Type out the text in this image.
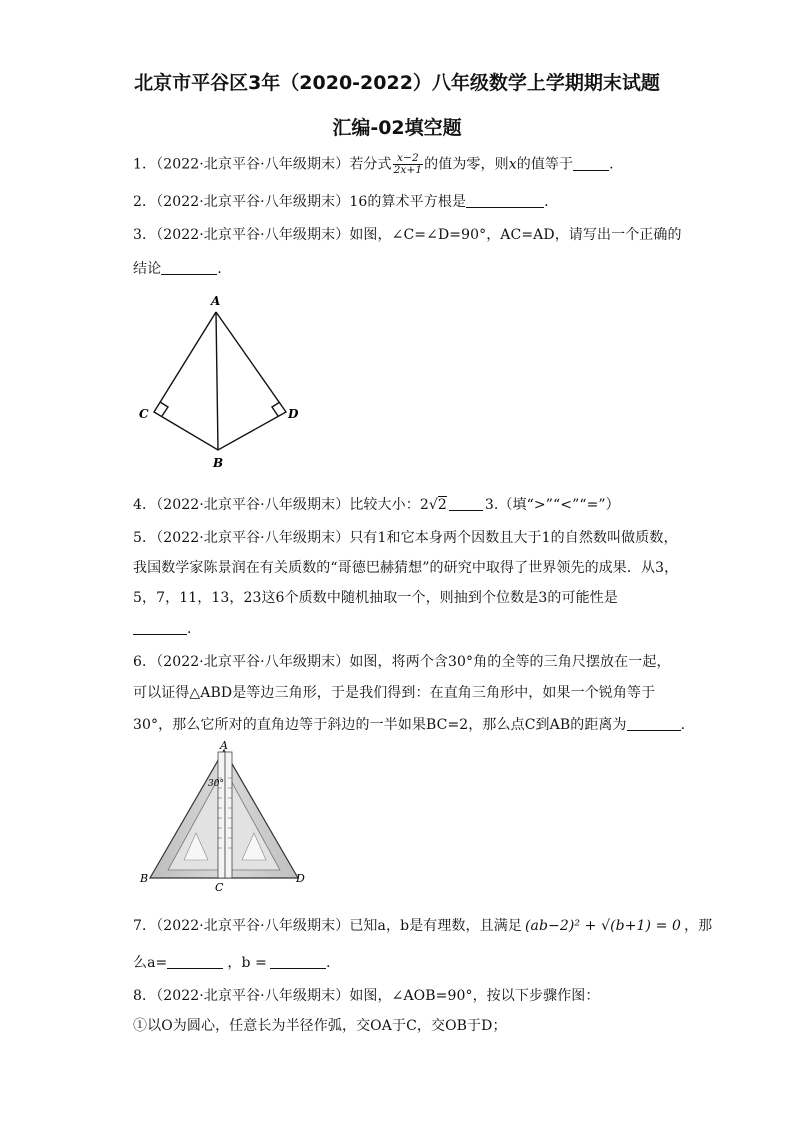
北京市平谷区3年（2020-2022）八年级数学上学期期末试题
汇编-02填空题
1．（2022·北京平谷·八年级期末）若分式 $\frac{x-2}{2x+1}$ 的值为零，则x的值等于	.
2．（2022·北京平谷·八年级期末）16的算术平方根是	.
3．（2022·北京平谷·八年级期末）如图，∠C=∠D=90°，AC=AD，请写出一个正确的
结论	.
A
C	D
B
4．（2022·北京平谷·八年级期末）比较大小：2√2	3.（填“>”“<”“=”）
5．（2022·北京平谷·八年级期末）只有1和它本身两个因数且大于1的自然数叫做质数，
我国数学家陈景润在有关质数的“哥德巴赫猜想”的研究中取得了世界领先的成果．从3，
5，7，11，13，23这6个质数中随机抽取一个，则抽到个位数是3的可能性是
.
6．（2022·北京平谷·八年级期末）如图，将两个含30°角的全等的三角尺摆放在一起，
可以证得△ABD是等边三角形，于是我们得到：在直角三角形中，如果一个锐角等于
30°，那么它所对的直角边等于斜边的一半如果BC=2，那么点C到AB的距离为	.
30°
A
B
C
D
7．（2022·北京平谷·八年级期末）已知a，b是有理数，且满足 (ab−2)² + √(b+1) = 0 ，那
么a=	，b =	.
8．（2022·北京平谷·八年级期末）如图，∠AOB=90°，按以下步骤作图：
①以O为圆心，任意长为半径作弧，交OA于C，交OB于D；
